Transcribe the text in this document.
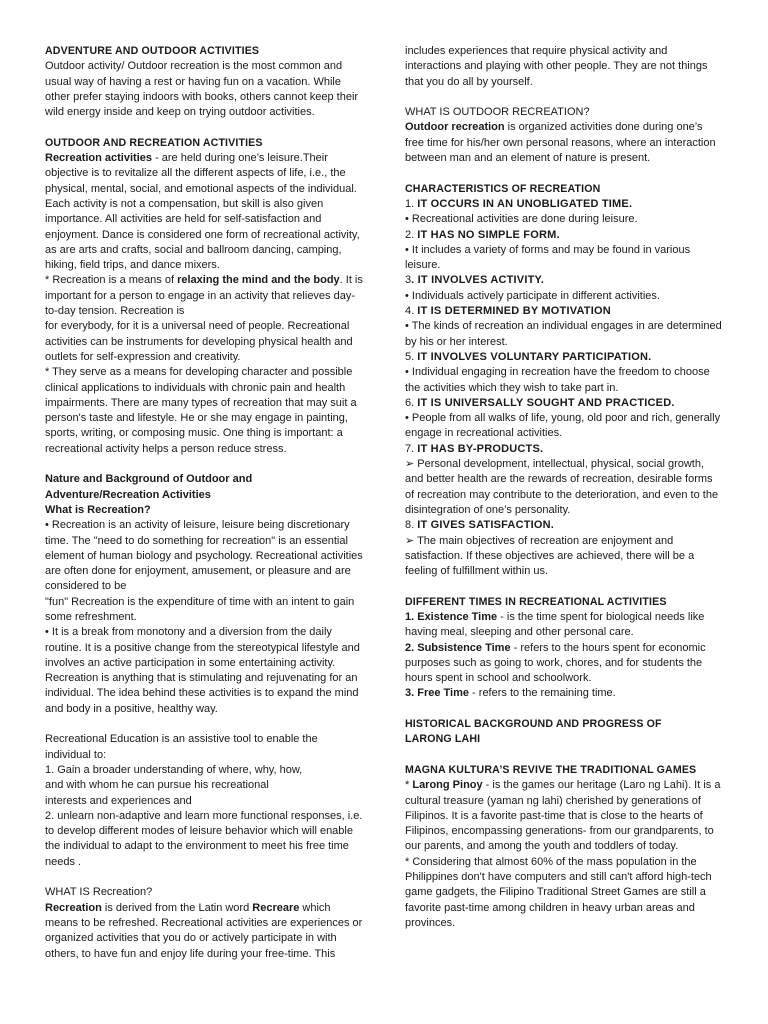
ADVENTURE AND OUTDOOR ACTIVITIES

Outdoor activity/ Outdoor recreation is the most common and usual way of having a rest or having fun on a vacation. While other prefer staying indoors with books, others cannot keep their wild energy inside and keep on trying outdoor activities.

OUTDOOR AND RECREATION ACTIVITIES

Recreation activities - are held during one’s leisure.Their objective is to revitalize all the different aspects of life, i.e., the physical, mental, social, and emotional aspects of the individual. Each activity is not a compensation, but skill is also given importance. All activities are held for self-satisfaction and enjoyment. Dance is considered one form of recreational activity, as are arts and crafts, social and ballroom dancing, camping, hiking, field trips, and dance mixers.

* Recreation is a means of relaxing the mind and the body. It is important for a person to engage in an activity that relieves day-to-day tension. Recreation is

for everybody, for it is a universal need of people. Recreational activities can be instruments for developing physical health and outlets for self-expression and creativity.

* They serve as a means for developing character and possible clinical applications to individuals with chronic pain and health impairments. There are many types of recreation that may suit a person's taste and lifestyle. He or she may engage in painting, sports, writing, or composing music. One thing is important: a recreational activity helps a person reduce stress.

Nature and Background of Outdoor and

Adventure/Recreation Activities

What is Recreation?

• Recreation is an activity of leisure, leisure being discretionary time. The "need to do something for recreation" is an essential element of human biology and psychology. Recreational activities are often done for enjoyment, amusement, or pleasure and are considered to be

"fun" Recreation is the expenditure of time with an intent to gain some refreshment.

• It is a break from monotony and a diversion from the daily routine. It is a positive change from the stereotypical lifestyle and involves an active participation in some entertaining activity. Recreation is anything that is stimulating and rejuvenating for an individual. The idea behind these activities is to expand the mind and body in a positive, healthy way.

Recreational Education is an assistive tool to enable the individual to:

1. Gain a broader understanding of where, why, how,

and with whom he can pursue his recreational

interests and experiences and

2. unlearn non-adaptive and learn more functional responses, i.e. to develop different modes of leisure behavior which will enable the individual to adapt to the environment to meet his free time needs .

WHAT IS Recreation?

Recreation is derived from the Latin word Recreare which means to be refreshed. Recreational activities are experiences or organized activities that you do or actively participate in with others, to have fun and enjoy life during your free-time. This

includes experiences that require physical activity and interactions and playing with other people. They are not things that you do all by yourself.

WHAT IS OUTDOOR RECREATION?

Outdoor recreation is organized activities done during one’s free time for his/her own personal reasons, where an interaction between man and an element of nature is present.

CHARACTERISTICS OF RECREATION

1. IT OCCURS IN AN UNOBLIGATED TIME.

• Recreational activities are done during leisure.

2. IT HAS NO SIMPLE FORM.

• It includes a variety of forms and may be found in various leisure.

3. IT INVOLVES ACTIVITY.

• Individuals actively participate in different activities.

4. IT IS DETERMINED BY MOTIVATION

• The kinds of recreation an individual engages in are determined by his or her interest.

5. IT INVOLVES VOLUNTARY PARTICIPATION.

• Individual engaging in recreation have the freedom to choose the activities which they wish to take part in.

6. IT IS UNIVERSALLY SOUGHT AND PRACTICED.

• People from all walks of life, young, old poor and rich, generally engage in recreational activities.

7. IT HAS BY-PRODUCTS.

➢ Personal development, intellectual, physical, social growth, and better health are the rewards of recreation, desirable forms of recreation may contribute to the deterioration, and even to the disintegration of one’s personality.

8. IT GIVES SATISFACTION.

➢ The main objectives of recreation are enjoyment and satisfaction. If these objectives are achieved, there will be a feeling of fulfillment within us.

DIFFERENT TIMES IN RECREATIONAL ACTIVITIES

1. Existence Time - is the time spent for biological needs like having meal, sleeping and other personal care.

2. Subsistence Time - refers to the hours spent for economic purposes such as going to work, chores, and for students the hours spent in school and schoolwork.

3. Free Time - refers to the remaining time.

HISTORICAL BACKGROUND AND PROGRESS OF

LARONG LAHI

MAGNA KULTURA’S REVIVE THE TRADITIONAL GAMES

* Larong Pinoy - is the games our heritage (Laro ng Lahi). It is a cultural treasure (yaman ng lahi) cherished by generations of Filipinos. It is a favorite past-time that is close to the hearts of Filipinos, encompassing generations- from our grandparents, to our parents, and among the youth and toddlers of today.

* Considering that almost 60% of the mass population in the Philippines don't have computers and still can't afford high-tech game gadgets, the Filipino Traditional Street Games are still a favorite past-time among children in heavy urban areas and provinces.
